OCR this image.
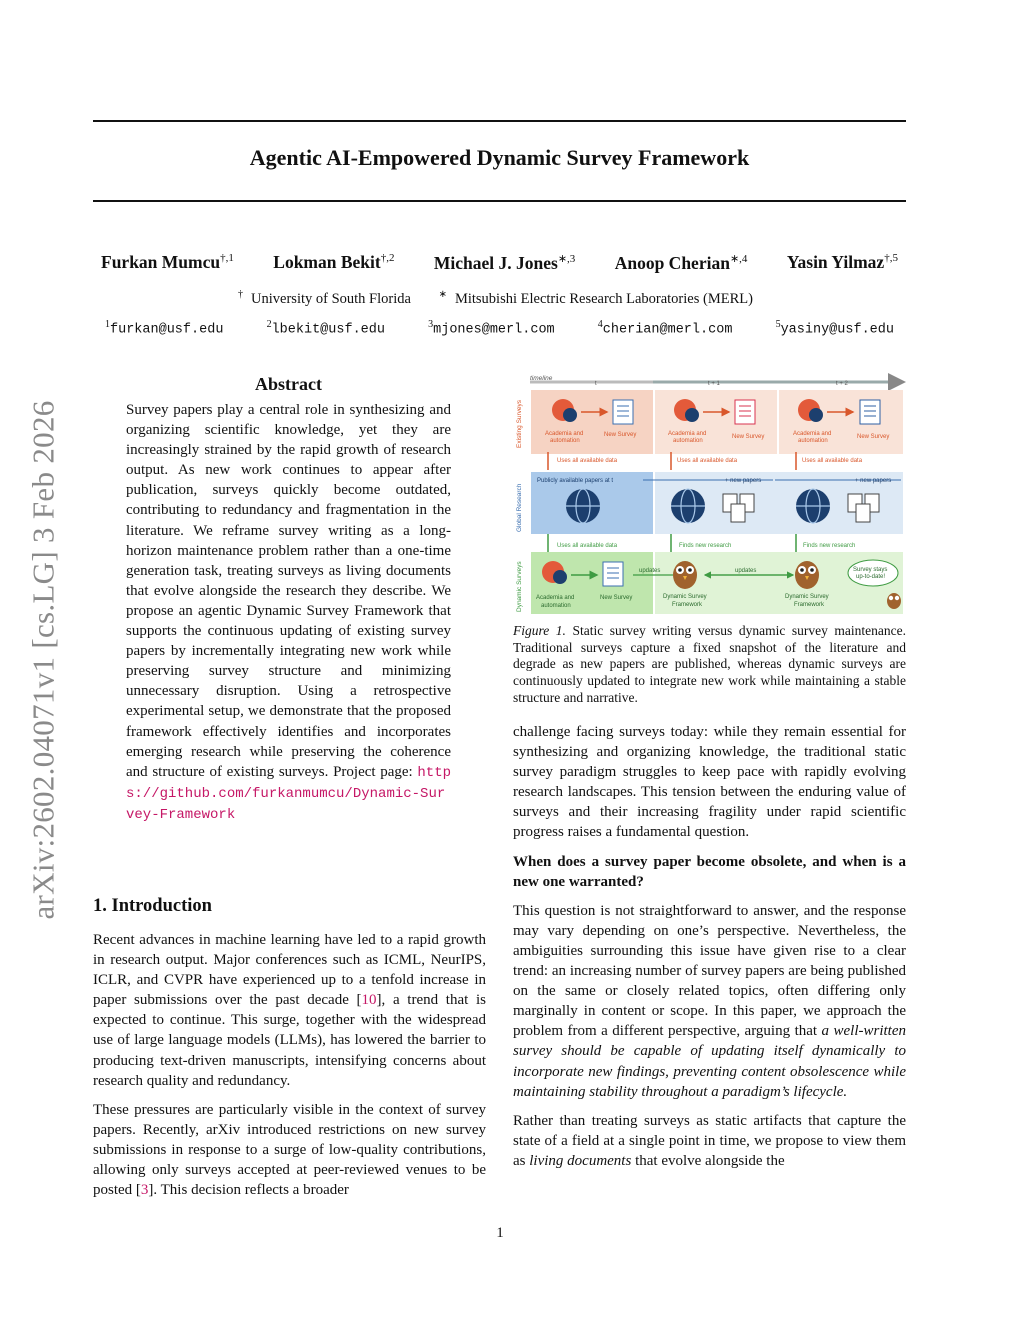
arXiv:2602.04071v1 [cs.LG] 3 Feb 2026
Agentic AI-Empowered Dynamic Survey Framework
Furkan Mumcu$^{\dagger,1}$ Lokman Bekit$^{\dagger,2}$ Michael J. Jones$^{∗,3}$ Anoop Cherian$^{∗,4}$ Yasin Yilmaz$^{\dagger,5}$
† University of South Florida	∗ Mitsubishi Electric Research Laboratories (MERL)
$^1$furkan@usf.edu	$^2$lbekit@usf.edu	$^3$mjones@merl.com	$^4$cherian@merl.com	$^5$yasiny@usf.edu
Abstract
Survey papers play a central role in synthesizing and organizing scientific knowledge, yet they are increasingly strained by the rapid growth of research output. As new work continues to appear after publication, surveys quickly become outdated, contributing to redundancy and fragmentation in the literature. We reframe survey writing as a long-horizon maintenance problem rather than a one-time generation task, treating surveys as living documents that evolve alongside the research they describe. We propose an agentic Dynamic Survey Framework that supports the continuous updating of existing survey papers by incrementally integrating new work while preserving survey structure and minimizing unnecessary disruption. Using a retrospective experimental setup, we demonstrate that the proposed framework effectively identifies and incorporates emerging research while preserving the coherence and structure of existing surveys. Project page: https://github.com/furkanmumcu/Dynamic-Survey-Framework
1. Introduction

Recent advances in machine learning have led to a rapid growth in research output. Major conferences such as ICML, NeurIPS, ICLR, and CVPR have experienced up to a tenfold increase in paper submissions over the past decade [10], a trend that is expected to continue. This surge, together with the widespread use of large language models (LLMs), has lowered the barrier to producing text-driven manuscripts, intensifying concerns about research quality and redundancy.

These pressures are particularly visible in the context of survey papers. Recently, arXiv introduced restrictions on new survey submissions in response to a surge of low-quality contributions, allowing only surveys accepted at peer-reviewed venues to be posted [3]. This decision reflects a broader

timeline
t	t + 1	t + 2
Existing Surveys
Global Research
Dynamic Surveys
Academia and
automation
New Survey	Academia and
automation
New Survey	Academia and
automation
New Survey
Uses all available data	Uses all available data	Uses all available data
Publicly available papers at t	+ new papers	+ new papers
Uses all available data	Finds new research	Finds new research
Academia and
automation
New Survey
updates
Dynamic Survey
Framework
updates
Dynamic Survey
Framework
Survey stays
up-to-date!
Figure 1. Static survey writing versus dynamic survey maintenance. Traditional surveys capture a fixed snapshot of the literature and degrade as new papers are published, whereas dynamic surveys are continuously updated to integrate new work while maintaining a stable structure and narrative.

challenge facing surveys today: while they remain essential for synthesizing and organizing knowledge, the traditional static survey paradigm struggles to keep pace with rapidly evolving research landscapes. This tension between the enduring value of surveys and their increasing fragility under rapid scientific progress raises a fundamental question.

When does a survey paper become obsolete, and when is a new one warranted?

This question is not straightforward to answer, and the response may vary depending on one’s perspective. Nevertheless, the ambiguities surrounding this issue have given rise to a clear trend: an increasing number of survey papers are being published on the same or closely related topics, often differing only marginally in content or scope. In this paper, we approach the problem from a different perspective, arguing that a well-written survey should be capable of updating itself dynamically to incorporate new findings, preventing content obsolescence while maintaining stability throughout a paradigm’s lifecycle.

Rather than treating surveys as static artifacts that capture the state of a field at a single point in time, we propose to view them as living documents that evolve alongside the

1
